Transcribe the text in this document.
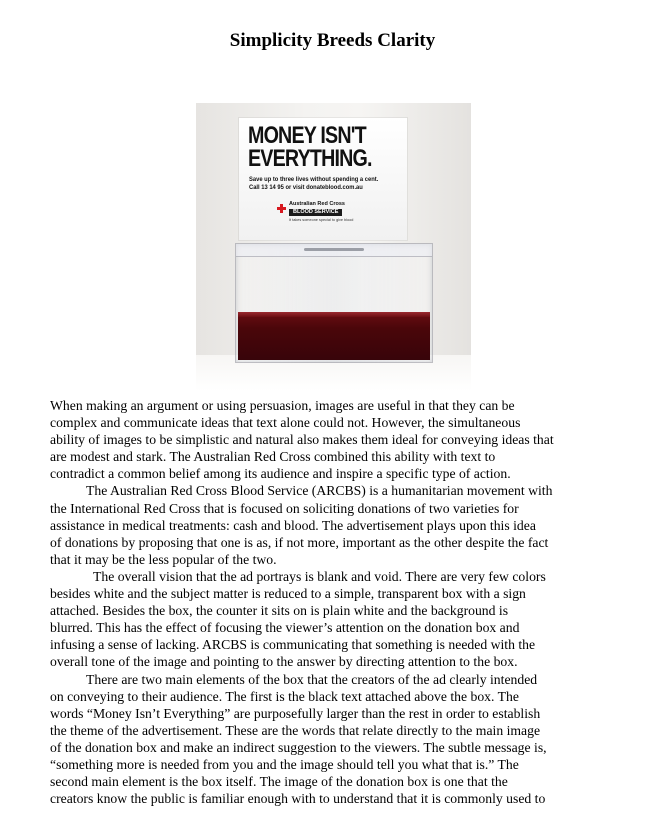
Simplicity Breeds Clarity
MONEY ISN'T
EVERYTHING.
Save up to three lives without spending a cent.
Call 13 14 95 or visit donateblood.com.au
Australian Red Cross
BLOOD SERVICE
It takes someone special to give blood

When making an argument or using persuasion, images are useful in that they can be

complex and communicate ideas that text alone could not. However, the simultaneous

ability of images to be simplistic and natural also makes them ideal for conveying ideas that

are modest and stark. The Australian Red Cross combined this ability with text to

contradict a common belief among its audience and inspire a specific type of action.

The Australian Red Cross Blood Service (ARCBS) is a humanitarian movement with

the International Red Cross that is focused on soliciting donations of two varieties for

assistance in medical treatments: cash and blood. The advertisement plays upon this idea

of donations by proposing that one is as, if not more, important as the other despite the fact

that it may be the less popular of the two.

The overall vision that the ad portrays is blank and void. There are very few colors

besides white and the subject matter is reduced to a simple, transparent box with a sign

attached. Besides the box, the counter it sits on is plain white and the background is

blurred. This has the effect of focusing the viewer’s attention on the donation box and

infusing a sense of lacking. ARCBS is communicating that something is needed with the

overall tone of the image and pointing to the answer by directing attention to the box.

There are two main elements of the box that the creators of the ad clearly intended

on conveying to their audience. The first is the black text attached above the box. The

words “Money Isn’t Everything” are purposefully larger than the rest in order to establish

the theme of the advertisement. These are the words that relate directly to the main image

of the donation box and make an indirect suggestion to the viewers. The subtle message is,

“something more is needed from you and the image should tell you what that is.” The

second main element is the box itself. The image of the donation box is one that the

creators know the public is familiar enough with to understand that it is commonly used to
